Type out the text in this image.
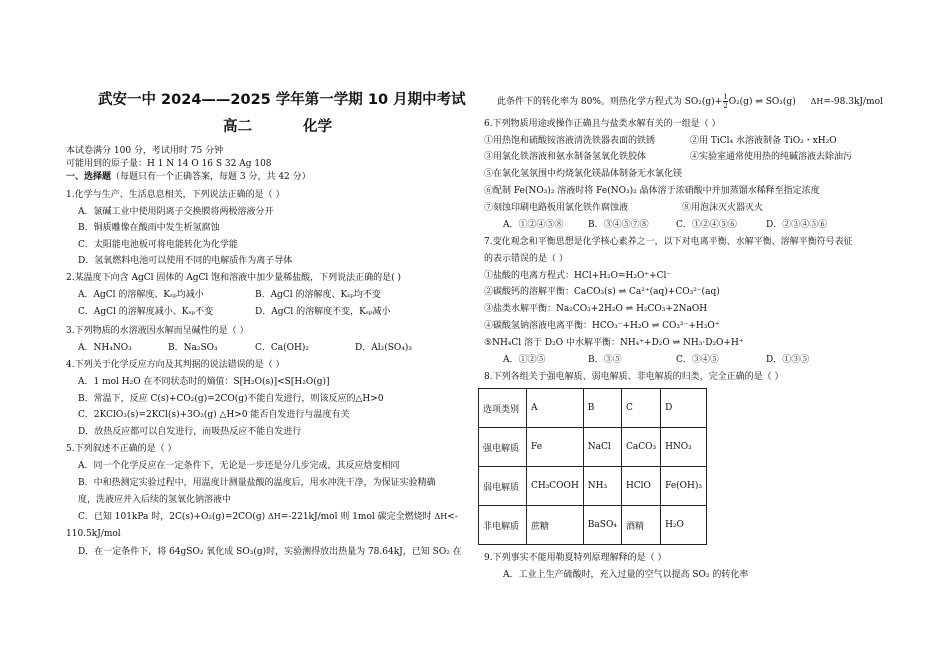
武安一中 2024——2025 学年第一学期 10 月期中考试
高二	化学
本试卷满分 100 分，考试用时 75 分钟
可能用到的原子量：H 1 N 14 O 16 S 32 Ag 108
一、选择题（每题只有一个正确答案，每题 3 分，共 42 分）
1.化学与生产、生活息息相关，下列说法正确的是（ ）
A．氯碱工业中使用阴离子交换膜将两极溶液分开
B．铜质雕像在酸雨中发生析氢腐蚀
C．太阳能电池板可将电能转化为化学能
D．氢氧燃料电池可以使用不同的电解质作为离子导体
2.某温度下向含 AgCl 固体的 AgCl 饱和溶液中加少量稀盐酸，下列说法正确的是( )
A．AgCl 的溶解度、Kₛₚ均减小	B．AgCl 的溶解度、Kₛₚ均不变
C．AgCl 的溶解度减小、Kₛₚ不变	D．AgCl 的溶解度不变，Kₛₚ减小
3.下列物质的水溶液因水解而呈碱性的是（ ）
A．NH₄NO₃	B．Na₂SO₃	C．Ca(OH)₂	D．Al₂(SO₄)₃
4.下列关于化学反应方向及其判据的说法错误的是（ ）
A．1 mol H₂O 在不同状态时的熵值：S[H₂O(s)]<S[H₂O(g)]
B．常温下，反应 C(s)+CO₂(g)=2CO(g)不能自发进行，则该反应的△H>0
C．2KClO₃(s)=2KCl(s)+3O₂(g) △H>0 能否自发进行与温度有关
D．放热反应都可以自发进行，而吸热反应不能自发进行
5.下列叙述不正确的是（ ）
A．同一个化学反应在一定条件下，无论是一步还是分几步完成，其反应焓变相同
B．中和热测定实验过程中，用温度计测量盐酸的温度后，用水冲洗干净，为保证实验精确
度，洗液应并入后续的氢氧化钠溶液中
C．已知 101kPa 时，2C(s)+O₂(g)=2CO(g) ΔH=-221kJ/mol 则 1mol 碳完全燃烧时 ΔH<-
110.5kJ/mol
D．在一定条件下，将 64gSO₂ 氧化成 SO₃(g)时，实验测得放出热量为 78.64kJ，已知 SO₂ 在
此条件下的转化率为 80%。则热化学方程式为 $SO_2(g)+ \frac{1}{2} O_2(g)$ ⇌ SO₃(g) ΔH=-98.3kJ/mol
6.下列物质用途或操作正确且与盐类水解有关的一组是（ ）
①用热饱和硫酸铵溶液清洗铁器表面的铁锈	②用 TiCl₄ 水溶液制备 TiO₂・xH₂O
③用氯化铁溶液和氨水制备氢氧化铁胶体	④实验室通常使用热的纯碱溶液去除油污
⑤在氯化氢氛围中灼烧氯化镁晶体制备无水氯化镁
⑥配制 Fe(NO₃)₂ 溶液时将 Fe(NO₃)₂ 晶体溶于浓硝酸中并加蒸馏水稀释至指定浓度
⑦刻蚀印刷电路板用氯化铁作腐蚀液	⑧用泡沫灭火器灭火
A．①②④⑤⑧	B．③④⑤⑦⑧	C．①②④⑤⑥	D．②③④⑤⑥
7.变化观念和平衡思想是化学核心素养之一，以下对电离平衡、水解平衡、溶解平衡符号表征
的表示错误的是（ ）
①盐酸的电离方程式：HCl+H₂O=H₃O⁺+Cl⁻
②碳酸钙的溶解平衡：CaCO₃(s) ⇌ Ca²⁺(aq)+CO₃²⁻(aq)
③盐类水解平衡：Na₂CO₃+2H₂O ⇌ H₂CO₃+2NaOH
④碳酸氢钠溶液电离平衡：HCO₃⁻+H₂O ⇌ CO₃²⁻+H₃O⁺
⑤NH₄Cl 溶于 D₂O 中水解平衡：NH₄⁺+D₂O ⇌ NH₃·D₂O+H⁺
A．①②⑤	B．③⑤	C．③④⑤	D．①③⑤
8.下列各组关于强电解质、弱电解质、非电解质的归类，完全正确的是（ ）
选项类别	A	B	C	D
强电解质	Fe	NaCl	CaCO₃	HNO₃
弱电解质	CH₃COOH	NH₃	HClO	Fe(OH)₃
非电解质	蔗糖	BaSO₄	酒精	H₂O
9.下列事实不能用勒夏特列原理解释的是（ ）
A．工业上生产硫酸时，充入过量的空气以提高 SO₂ 的转化率
